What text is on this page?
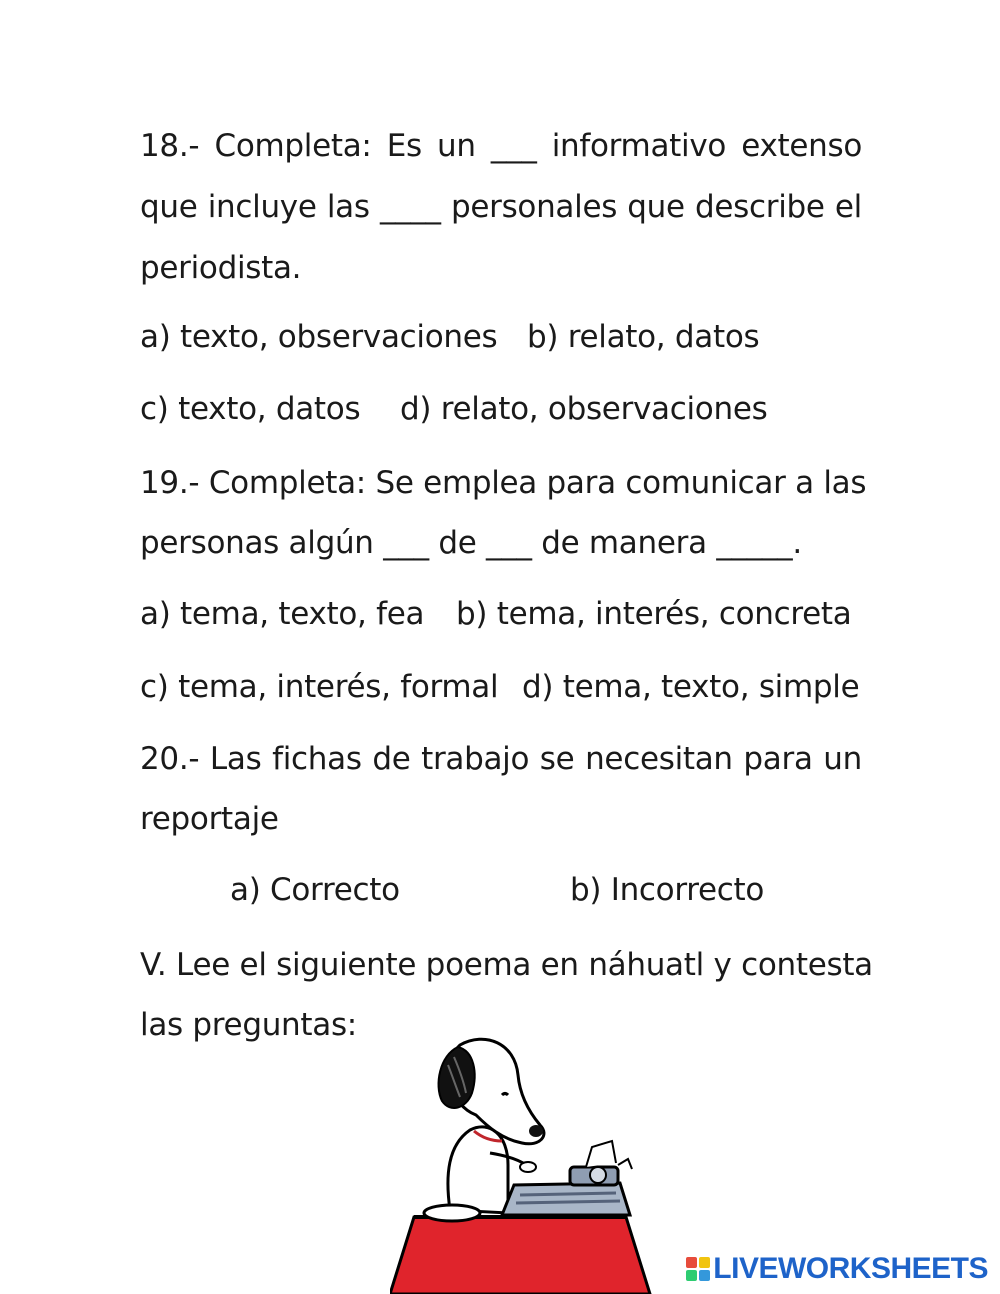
18.- Completa: Es un ___ informativo extenso
que incluye las ____ personales que describe el
periodista.
a) texto, observaciones b) relato, datos
c) texto, datos d) relato, observaciones
19.- Completa: Se emplea para comunicar a las
personas algún ___ de ___ de manera _____.
a) tema, texto, fea b) tema, interés, concreta
c) tema, interés, formal d) tema, texto, simple
20.- Las fichas de trabajo se necesitan para un
reportaje
a) Correcto	b) Incorrecto
V. Lee el siguiente poema en náhuatl y contesta
las preguntas:
LIVEWORKSHEETS
